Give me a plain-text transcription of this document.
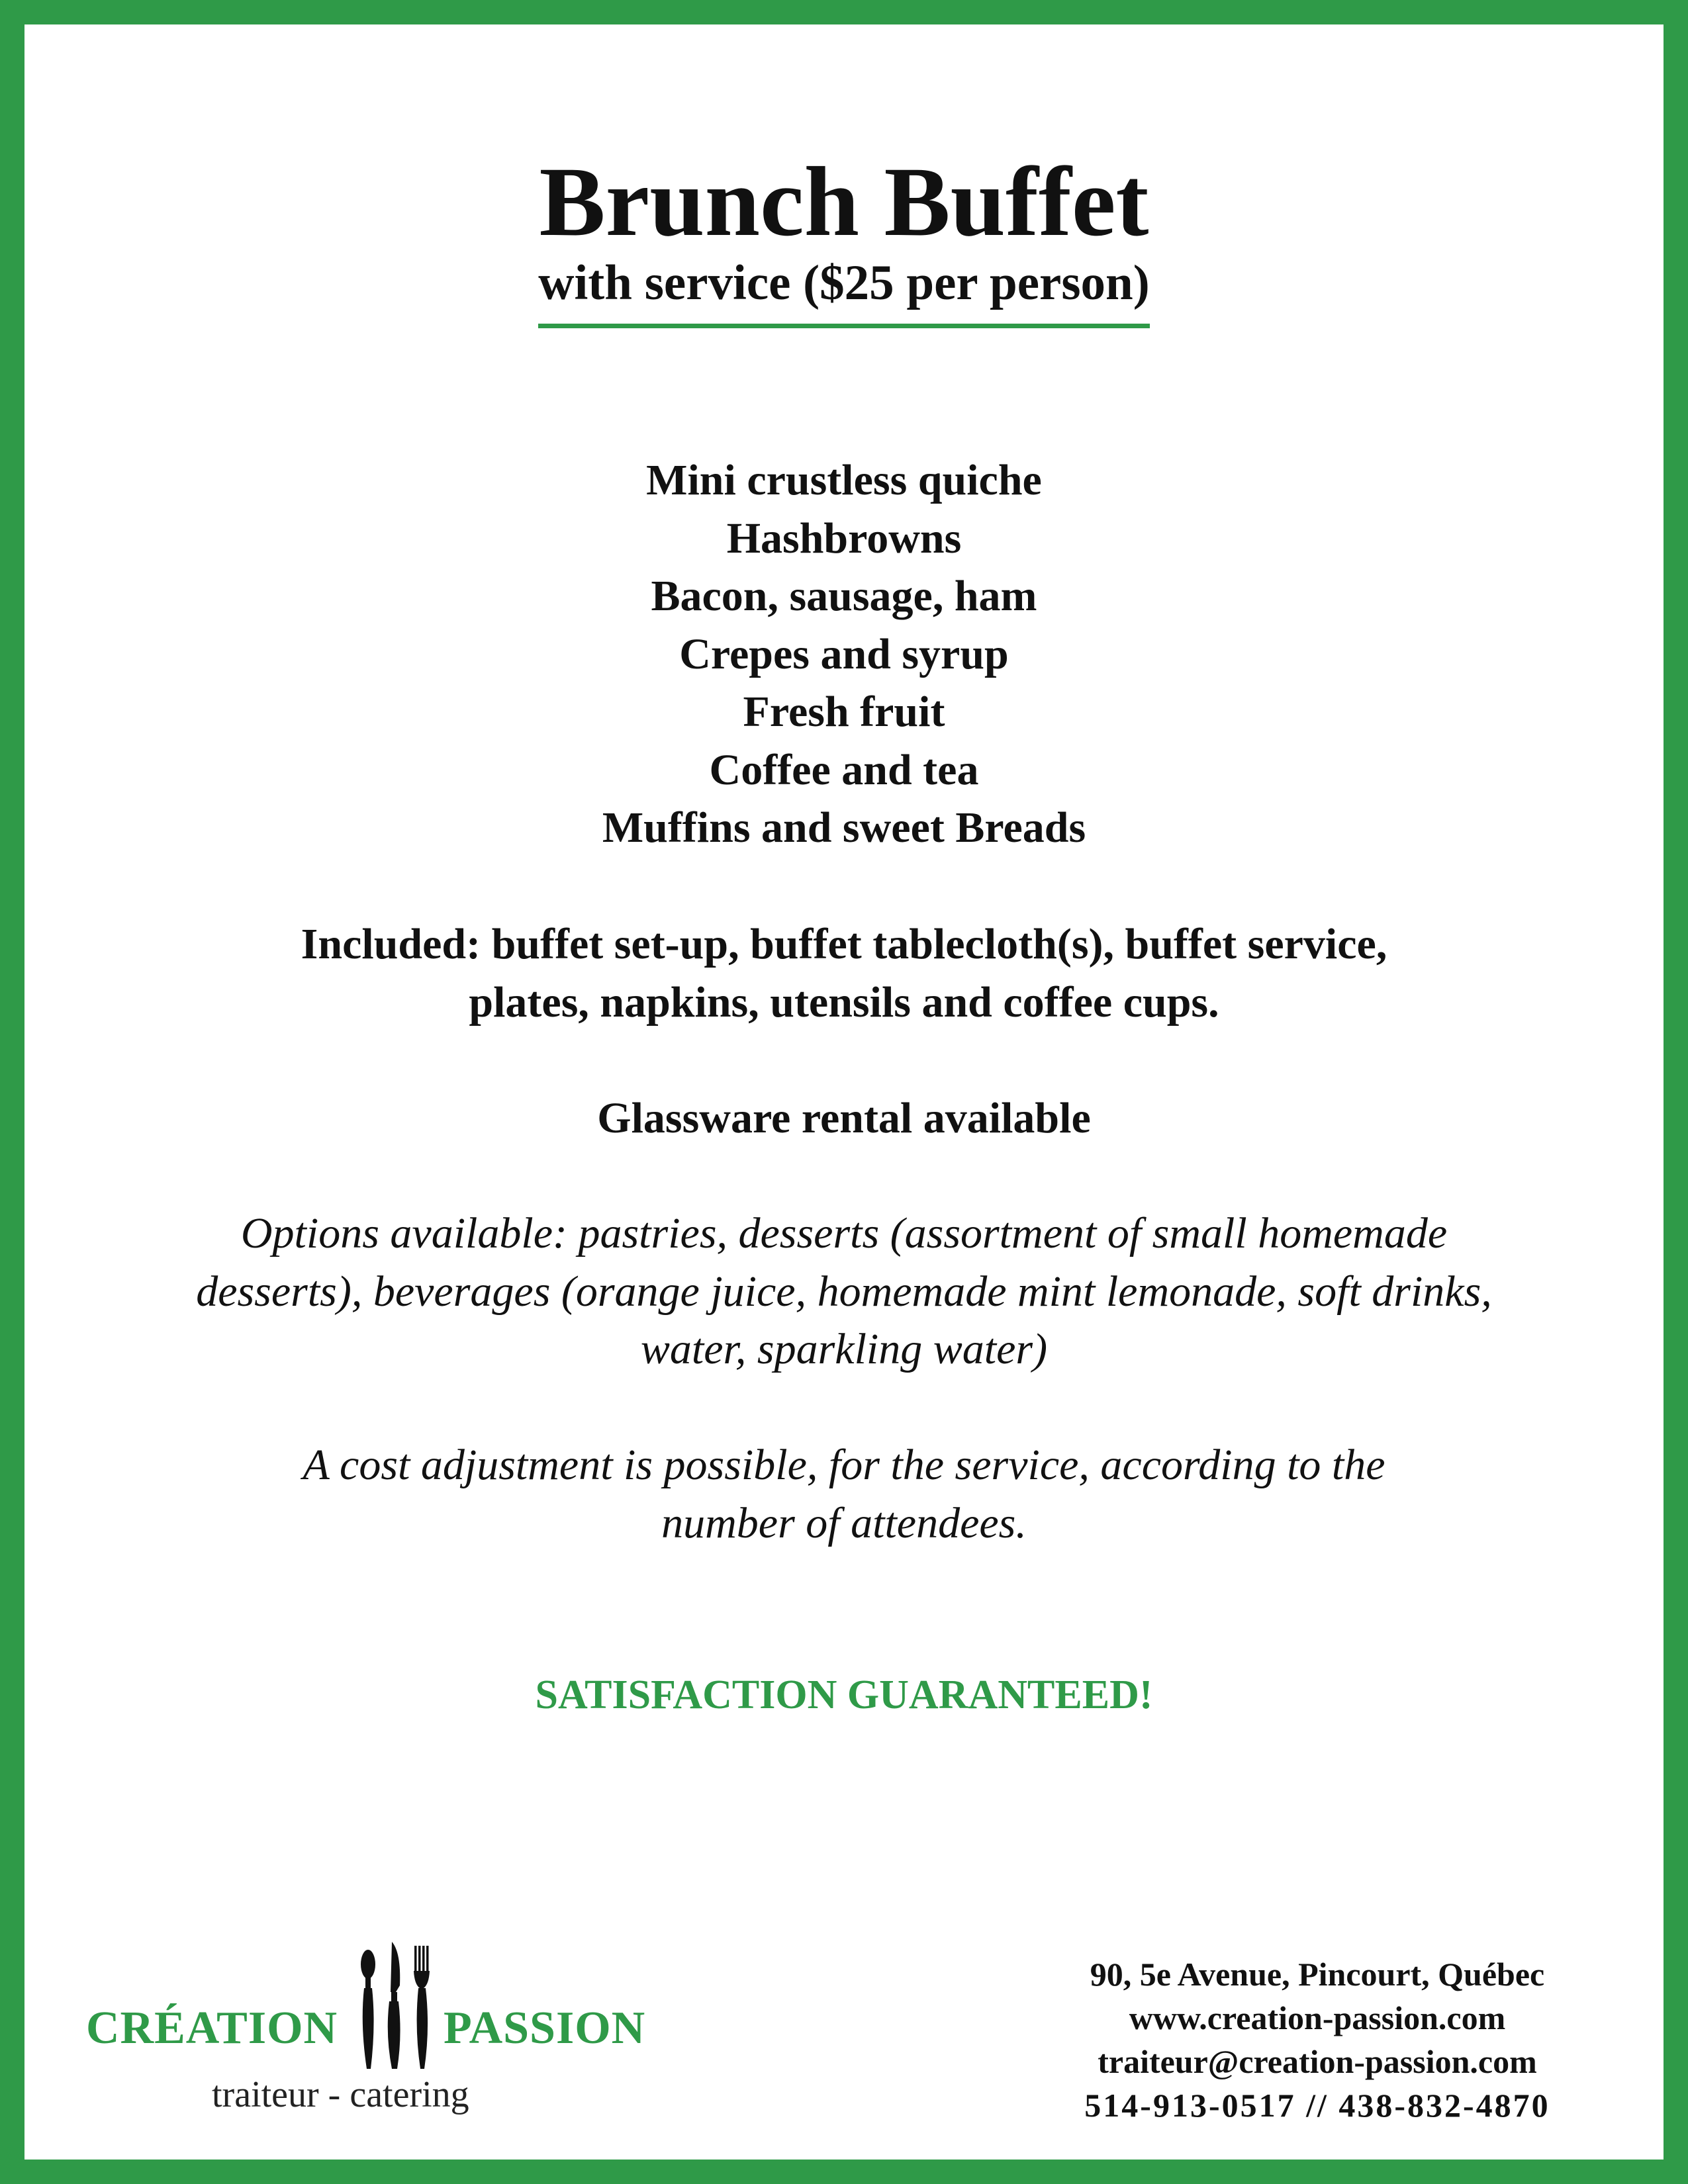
Brunch Buffet
with service ($25 per person)
Mini crustless quiche
Hashbrowns
Bacon, sausage, ham
Crepes and syrup
Fresh fruit
Coffee and tea
Muffins and sweet Breads
Included: buffet set-up, buffet tablecloth(s), buffet service,
plates, napkins, utensils and coffee cups.
Glassware rental available
Options available: pastries, desserts (assortment of small homemade
desserts), beverages (orange juice, homemade mint lemonade, soft drinks,
water, sparkling water)
A cost adjustment is possible, for the service, according to the
number of attendees.
SATISFACTION GUARANTEED!
CRÉATION PASSION
traiteur - catering
90, 5e Avenue, Pincourt, Québec
www.creation-passion.com
traiteur@creation-passion.com
514-913-0517 // 438-832-4870
